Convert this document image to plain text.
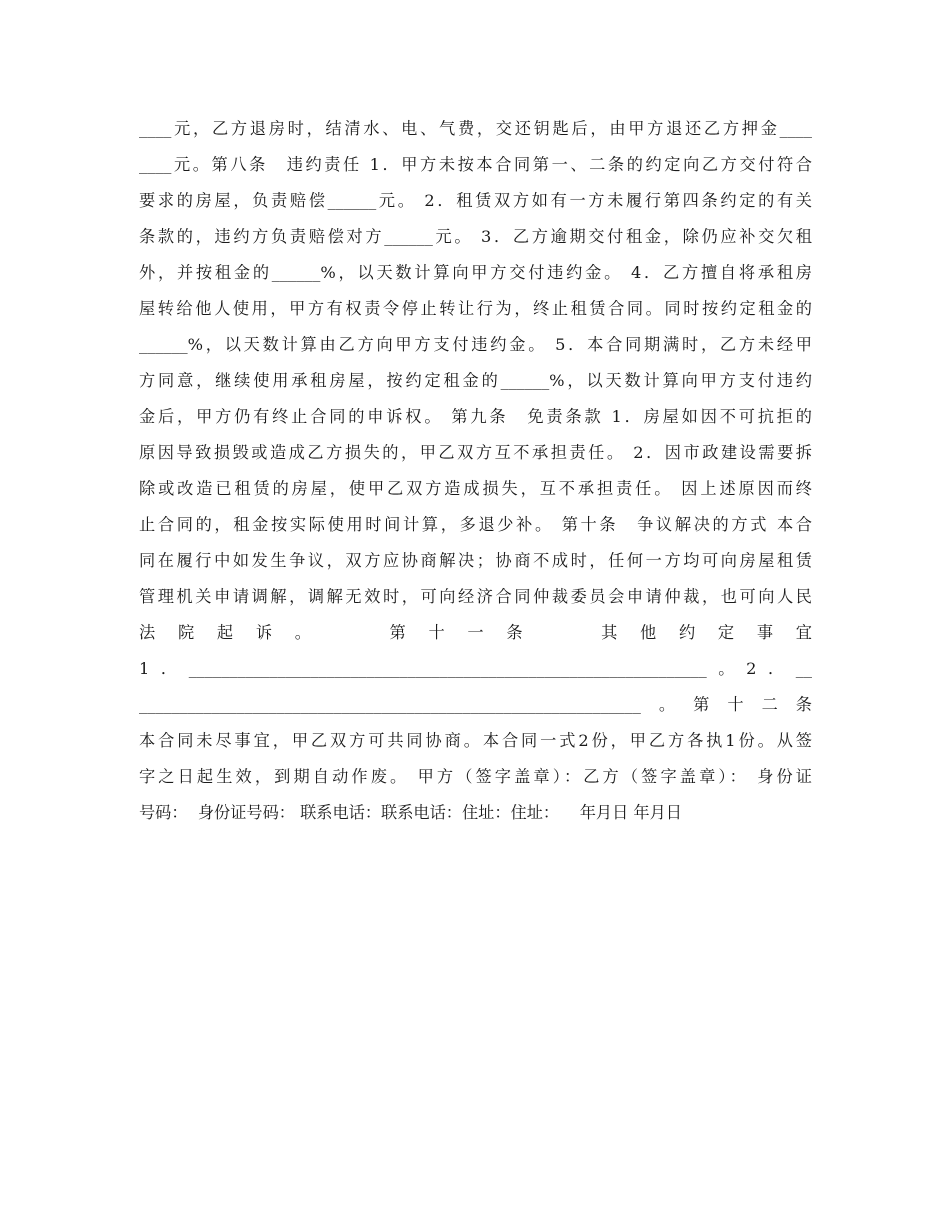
____元，乙方退房时，结清水、电、气费，交还钥匙后，由甲方退还乙方押金____
____元。第八条　违约责任 1．甲方未按本合同第一、二条的约定向乙方交付符合
要求的房屋，负责赔偿______元。 2．租赁双方如有一方未履行第四条约定的有关
条款的，违约方负责赔偿对方______元。 3．乙方逾期交付租金，除仍应补交欠租
外，并按租金的______%，以天数计算向甲方交付违约金。 4．乙方擅自将承租房
屋转给他人使用，甲方有权责令停止转让行为，终止租赁合同。同时按约定租金的
______%，以天数计算由乙方向甲方支付违约金。 5．本合同期满时，乙方未经甲
方同意，继续使用承租房屋，按约定租金的______%，以天数计算向甲方支付违约
金后，甲方仍有终止合同的申诉权。 第九条　免责条款 1．房屋如因不可抗拒的
原因导致损毁或造成乙方损失的，甲乙双方互不承担责任。 2．因市政建设需要拆
除或改造已租赁的房屋，使甲乙双方造成损失，互不承担责任。 因上述原因而终
止合同的，租金按实际使用时间计算，多退少补。 第十条　争议解决的方式 本合
同在履行中如发生争议，双方应协商解决；协商不成时，任何一方均可向房屋租赁
管理机关申请调解，调解无效时，可向经济合同仲裁委员会申请仲裁，也可向人民
法院起诉。  第十一条  其他约定事宜
1．________________________________________________________________。2．__
______________________________________________________________。第十二条
本合同未尽事宜，甲乙双方可共同协商。本合同一式2份，甲乙方各执1份。从签
字之日起生效，到期自动作废。 甲方（签字盖章）：乙方（签字盖章）： 身份证
号码：  身份证号码： 联系电话：联系电话：住址：住址：    年月日 年月日
